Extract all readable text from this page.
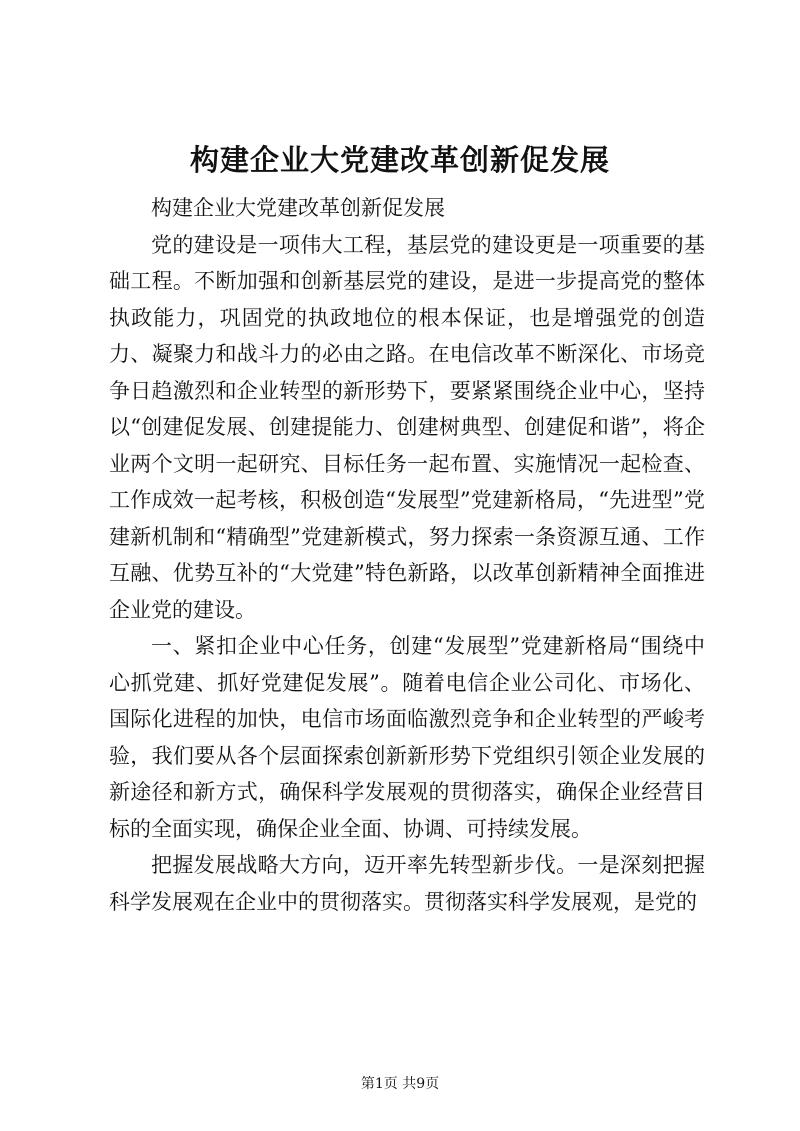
构建企业大党建改革创新促发展

构建企业大党建改革创新促发展

党的建设是一项伟大工程，基层党的建设更是一项重要的基础工程。不断加强和创新基层党的建设，是进一步提高党的整体执政能力，巩固党的执政地位的根本保证，也是增强党的创造力、凝聚力和战斗力的必由之路。在电信改革不断深化、市场竞争日趋激烈和企业转型的新形势下，要紧紧围绕企业中心，坚持以“创建促发展、创建提能力、创建树典型、创建促和谐”，将企业两个文明一起研究、目标任务一起布置、实施情况一起检查、工作成效一起考核，积极创造“发展型”党建新格局，“先进型”党建新机制和“精确型”党建新模式，努力探索一条资源互通、工作互融、优势互补的“大党建”特色新路，以改革创新精神全面推进企业党的建设。

一、紧扣企业中心任务，创建“发展型”党建新格局“围绕中心抓党建、抓好党建促发展”。随着电信企业公司化、市场化、国际化进程的加快，电信市场面临激烈竞争和企业转型的严峻考验，我们要从各个层面探索创新新形势下党组织引领企业发展的新途径和新方式，确保科学发展观的贯彻落实，确保企业经营目标的全面实现，确保企业全面、协调、可持续发展。

把握发展战略大方向，迈开率先转型新步伐。一是深刻把握科学发展观在企业中的贯彻落实。贯彻落实科学发展观，是党的

第1页 共9页
